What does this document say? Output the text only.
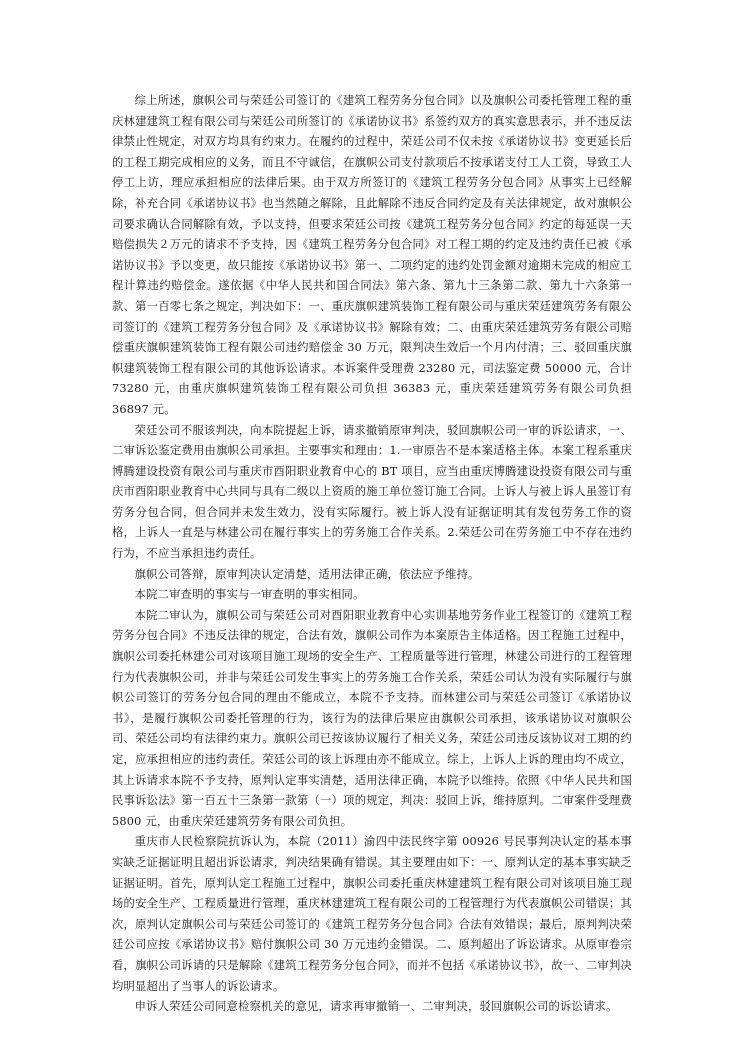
综上所述，旗帜公司与荣廷公司签订的《建筑工程劳务分包合同》以及旗帜公司委托管理工程的重庆林建建筑工程有限公司与荣廷公司所签订的《承诺协议书》系签约双方的真实意思表示，并不违反法律禁止性规定，对双方均具有约束力。在履约的过程中，荣廷公司不仅未按《承诺协议书》变更延长后的工程工期完成相应的义务，而且不守诚信，在旗帜公司支付款项后不按承诺支付工人工资，导致工人停工上访，理应承担相应的法律后果。由于双方所签订的《建筑工程劳务分包合同》从事实上已经解除，补充合同《承诺协议书》也当然随之解除，且此解除不违反合同约定及有关法律规定，故对旗帜公司要求确认合同解除有效，予以支持，但要求荣廷公司按《建筑工程劳务分包合同》约定的每延误一天赔偿损失２万元的请求不予支持，因《建筑工程劳务分包合同》对工程工期的约定及违约责任已被《承诺协议书》予以变更，故只能按《承诺协议书》第一、二项约定的违约处罚金额对逾期未完成的相应工程计算违约赔偿金。遂依据《中华人民共和国合同法》第六条、第九十三条第二款、第九十六条第一款、第一百零七条之规定，判决如下：一、重庆旗帜建筑装饰工程有限公司与重庆荣廷建筑劳务有限公司签订的《建筑工程劳务分包合同》及《承诺协议书》解除有效；二、由重庆荣廷建筑劳务有限公司赔偿重庆旗帜建筑装饰工程有限公司违约赔偿金 30 万元，限判决生效后一个月内付清；三、驳回重庆旗帜建筑装饰工程有限公司的其他诉讼请求。本诉案件受理费 23280 元，司法鉴定费 50000 元，合计 73280 元，由重庆旗帜建筑装饰工程有限公司负担 36383 元，重庆荣廷建筑劳务有限公司负担 36897 元。

荣廷公司不服该判决，向本院提起上诉，请求撤销原审判决，驳回旗帜公司一审的诉讼请求，一、二审诉讼鉴定费用由旗帜公司承担。主要事实和理由：1.一审原告不是本案适格主体。本案工程系重庆博腾建设投资有限公司与重庆市酉阳职业教育中心的 BT 项目，应当由重庆博腾建设投资有限公司与重庆市酉阳职业教育中心共同与具有二级以上资质的施工单位签订施工合同。上诉人与被上诉人虽签订有劳务分包合同，但合同并未发生效力，没有实际履行。被上诉人没有证据证明其有发包劳务工作的资格，上诉人一直是与林建公司在履行事实上的劳务施工合作关系。2.荣廷公司在劳务施工中不存在违约行为，不应当承担违约责任。

旗帜公司答辩，原审判决认定清楚，适用法律正确，依法应予维持。

本院二审查明的事实与一审查明的事实相同。

本院二审认为，旗帜公司与荣廷公司对酉阳职业教育中心实训基地劳务作业工程签订的《建筑工程劳务分包合同》不违反法律的规定，合法有效，旗帜公司作为本案原告主体适格。因工程施工过程中，旗帜公司委托林建公司对该项目施工现场的安全生产、工程质量等进行管理，林建公司进行的工程管理行为代表旗帜公司，并非与荣廷公司发生事实上的劳务施工合作关系，荣廷公司认为没有实际履行与旗帜公司签订的劳务分包合同的理由不能成立，本院不予支持。而林建公司与荣廷公司签订《承诺协议书》，是履行旗帜公司委托管理的行为，该行为的法律后果应由旗帜公司承担，该承诺协议对旗帜公司、荣廷公司均有法律约束力。旗帜公司已按该协议履行了相关义务，荣廷公司违反该协议对工期的约定，应承担相应的违约责任。荣廷公司的该上诉理由亦不能成立。综上，上诉人上诉的理由均不成立，其上诉请求本院不予支持，原判认定事实清楚，适用法律正确，本院予以维持。依照《中华人民共和国民事诉讼法》第一百五十三条第一款第（一）项的规定，判决：驳回上诉，维持原判。二审案件受理费 5800 元，由重庆荣廷建筑劳务有限公司负担。

重庆市人民检察院抗诉认为，本院（2011）渝四中法民终字第 00926 号民事判决认定的基本事实缺乏证据证明且超出诉讼请求，判决结果确有错误。其主要理由如下：一、原判认定的基本事实缺乏证据证明。首先，原判认定工程施工过程中，旗帜公司委托重庆林建建筑工程有限公司对该项目施工现场的安全生产、工程质量进行管理，重庆林建建筑工程有限公司的工程管理行为代表旗帜公司错误；其次，原判认定旗帜公司与荣廷公司签订的《建筑工程劳务分包合同》合法有效错误；最后，原判判决荣廷公司应按《承诺协议书》赔付旗帜公司 30 万元违约金错误。二、原判超出了诉讼请求。从原审卷宗看，旗帜公司诉请的只是解除《建筑工程劳务分包合同》，而并不包括《承诺协议书》，故一、二审判决均明显超出了当事人的诉讼请求。

申诉人荣廷公司同意检察机关的意见，请求再审撤销一、二审判决，驳回旗帜公司的诉讼请求。
